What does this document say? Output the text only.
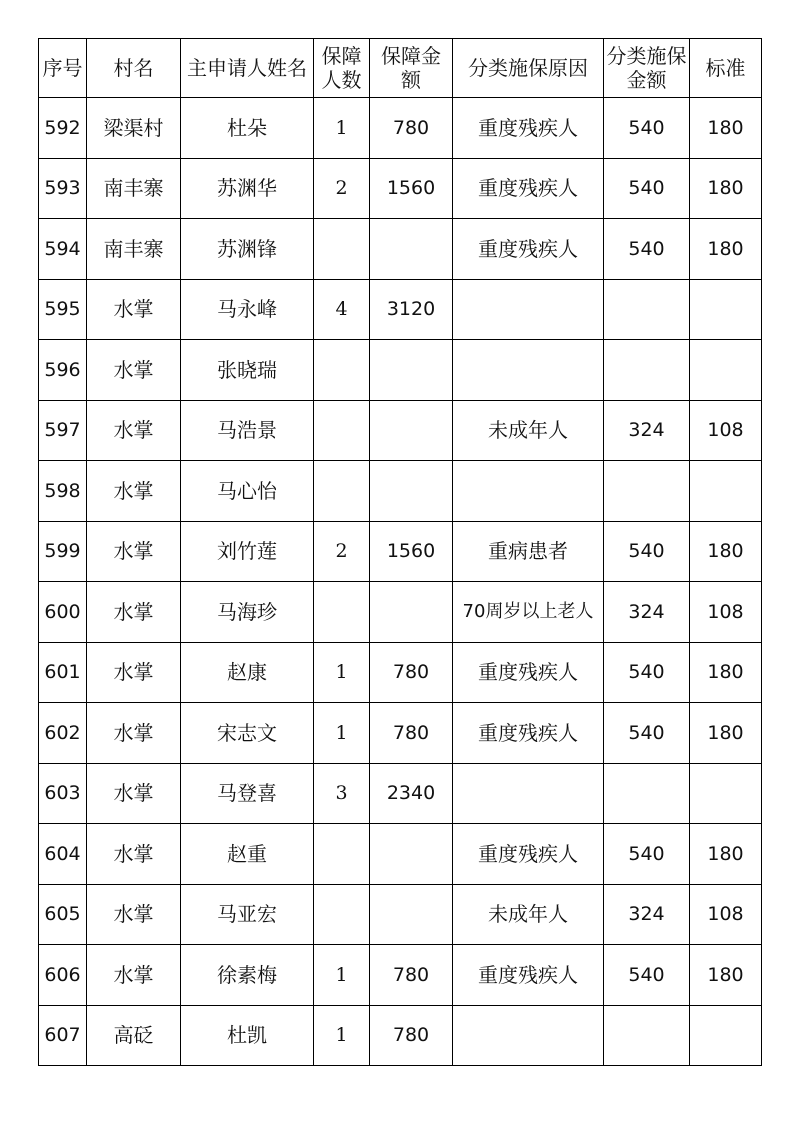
序号	村名	主申请人姓名	保障人数	保障金额	分类施保原因	分类施保金额	标准
592	梁渠村	杜朵	1	780	重度残疾人	540	180
593	南丰寨	苏渊华	2	1560	重度残疾人	540	180
594	南丰寨	苏渊锋			重度残疾人	540	180
595	水掌	马永峰	4	3120			
596	水掌	张晓瑞					
597	水掌	马浩景			未成年人	324	108
598	水掌	马心怡					
599	水掌	刘竹莲	2	1560	重病患者	540	180
600	水掌	马海珍			70周岁以上老人	324	108
601	水掌	赵康	1	780	重度残疾人	540	180
602	水掌	宋志文	1	780	重度残疾人	540	180
603	水掌	马登喜	3	2340			
604	水掌	赵重			重度残疾人	540	180
605	水掌	马亚宏			未成年人	324	108
606	水掌	徐素梅	1	780	重度残疾人	540	180
607	高砭	杜凯	1	780			
